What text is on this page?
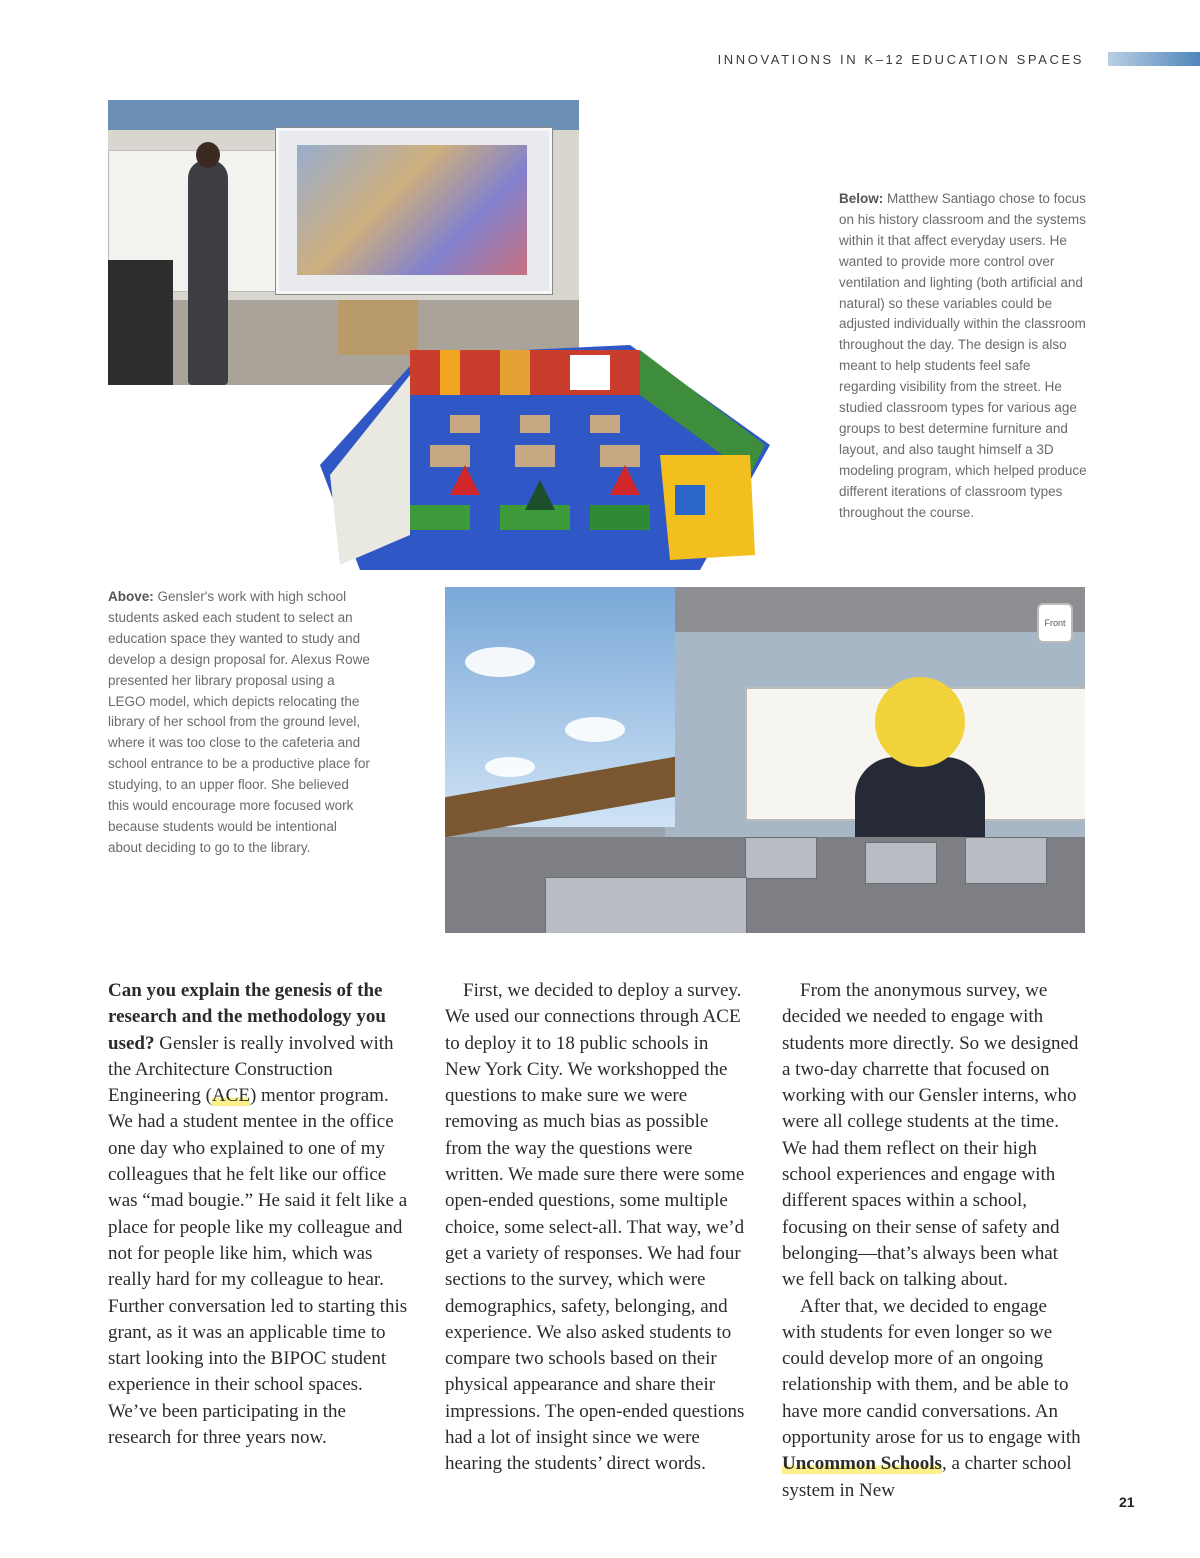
INNOVATIONS IN K–12 EDUCATION SPACES
Below: Matthew Santiago chose to focus on his history classroom and the systems within it that affect everyday users. He wanted to provide more control over ventilation and lighting (both artificial and natural) so these variables could be adjusted individually within the classroom throughout the day. The design is also meant to help students feel safe regarding visibility from the street. He studied classroom types for various age groups to best determine furniture and layout, and also taught himself a 3D modeling program, which helped produce different iterations of classroom types throughout the course.
Above: Gensler's work with high school students asked each student to select an education space they wanted to study and develop a design proposal for. Alexus Rowe presented her library proposal using a LEGO model, which depicts relocating the library of her school from the ground level, where it was too close to the cafeteria and school entrance to be a productive place for studying, to an upper floor. She believed this would encourage more focused work because students would be intentional about deciding to go to the library.
Front

Can you explain the genesis of the research and the methodology you used? Gensler is really involved with the Architecture Construction Engineering (ACE) mentor program. We had a student mentee in the office one day who explained to one of my colleagues that he felt like our office was “mad bougie.” He said it felt like a place for people like my colleague and not for people like him, which was really hard for my colleague to hear. Further conversation led to starting this grant, as it was an applicable time to start looking into the BIPOC student experience in their school spaces. We’ve been participating in the research for three years now.

First, we decided to deploy a survey. We used our connections through ACE to deploy it to 18 public schools in New York City. We workshopped the questions to make sure we were removing as much bias as possible from the way the questions were written. We made sure there were some open-ended questions, some multiple choice, some select-all. That way, we’d get a variety of responses. We had four sections to the survey, which were demographics, safety, belonging, and experience. We also asked students to compare two schools based on their physical appearance and share their impressions. The open-ended questions had a lot of insight since we were hearing the students’ direct words.

From the anonymous survey, we decided we needed to engage with students more directly. So we designed a two-day charrette that focused on working with our Gensler interns, who were all college students at the time. We had them reflect on their high school experiences and engage with different spaces within a school, focusing on their sense of safety and belonging—that’s always been what we fell back on talking about.

After that, we decided to engage with students for even longer so we could develop more of an ongoing relationship with them, and be able to have more candid conversations. An opportunity arose for us to engage with Uncommon Schools, a charter school system in New

21
